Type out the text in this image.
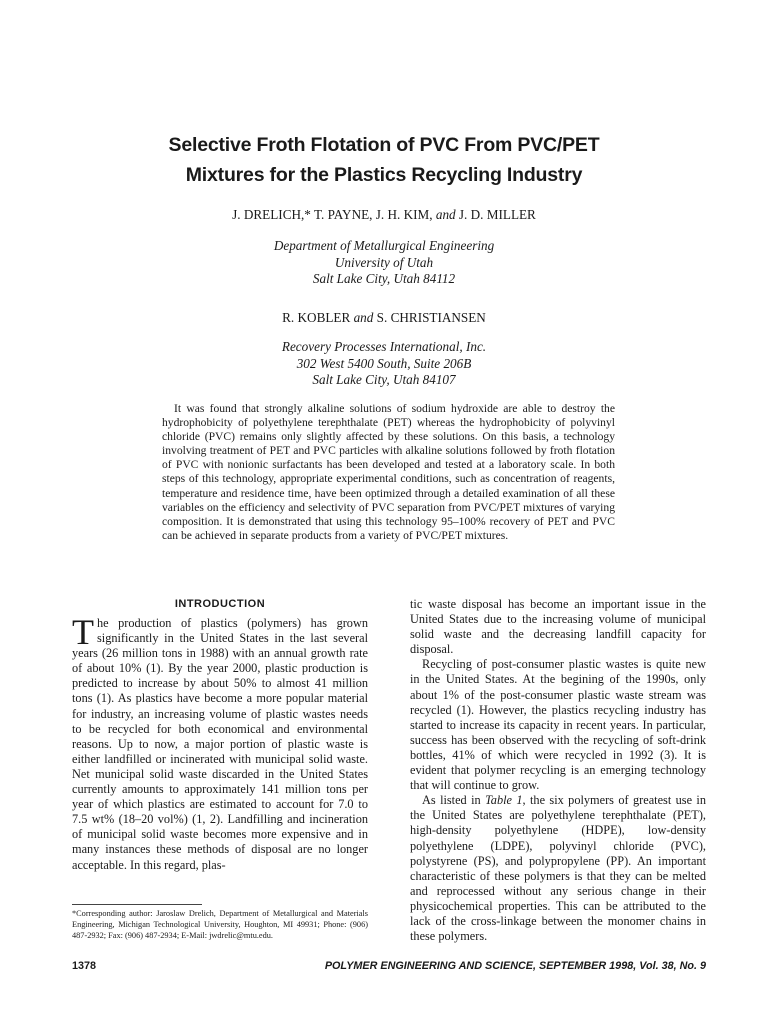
Selective Froth Flotation of PVC From PVC/PET
Mixtures for the Plastics Recycling Industry
J. DRELICH,* T. PAYNE, J. H. KIM, and J. D. MILLER
Department of Metallurgical Engineering
University of Utah
Salt Lake City, Utah 84112
R. KOBLER and S. CHRISTIANSEN
Recovery Processes International, Inc.
302 West 5400 South, Suite 206B
Salt Lake City, Utah 84107

It was found that strongly alkaline solutions of sodium hydroxide are able to destroy the hydrophobicity of polyethylene terephthalate (PET) whereas the hydrophobicity of polyvinyl chloride (PVC) remains only slightly affected by these solutions. On this basis, a technology involving treatment of PET and PVC particles with alkaline solutions followed by froth flotation of PVC with nonionic surfactants has been developed and tested at a laboratory scale. In both steps of this technology, appropriate experimental conditions, such as concentration of reagents, temperature and residence time, have been optimized through a detailed examination of all these variables on the efficiency and selectivity of PVC separation from PVC/PET mixtures of varying composition. It is demonstrated that using this technology 95–100% recovery of PET and PVC can be achieved in separate products from a variety of PVC/PET mixtures.

INTRODUCTION

The production of plastics (polymers) has grown significantly in the United States in the last several years (26 million tons in 1988) with an annual growth rate of about 10% (1). By the year 2000, plastic production is predicted to increase by about 50% to almost 41 million tons (1). As plastics have become a more popular material for industry, an increasing volume of plastic wastes needs to be recycled for both economical and environmental reasons. Up to now, a major portion of plastic waste is either landfilled or incinerated with municipal solid waste. Net municipal solid waste discarded in the United States currently amounts to approximately 141 million tons per year of which plastics are estimated to account for 7.0 to 7.5 wt% (18–20 vol%) (1, 2). Landfilling and incineration of municipal solid waste becomes more expensive and in many instances these methods of disposal are no longer acceptable. In this regard, plas-

tic waste disposal has become an important issue in the United States due to the increasing volume of municipal solid waste and the decreasing landfill capacity for disposal.

Recycling of post-consumer plastic wastes is quite new in the United States. At the begining of the 1990s, only about 1% of the post-consumer plastic waste stream was recycled (1). However, the plastics recycling industry has started to increase its capacity in recent years. In particular, success has been observed with the recycling of soft-drink bottles, 41% of which were recycled in 1992 (3). It is evident that polymer recycling is an emerging technology that will continue to grow.

As listed in Table 1, the six polymers of greatest use in the United States are polyethylene terephthalate (PET), high-density polyethylene (HDPE), low-density polyethylene (LDPE), polyvinyl chloride (PVC), polystyrene (PS), and polypropylene (PP). An important characteristic of these polymers is that they can be melted and reprocessed without any serious change in their physicochemical properties. This can be attributed to the lack of the cross-linkage between the monomer chains in these polymers.

*Corresponding author: Jaroslaw Drelich, Department of Metallurgical and Materials Engineering, Michigan Technological University, Houghton, MI 49931; Phone: (906) 487-2932; Fax: (906) 487-2934; E-Mail: jwdrelic@mtu.edu.

1378	POLYMER ENGINEERING AND SCIENCE, SEPTEMBER 1998, Vol. 38, No. 9
